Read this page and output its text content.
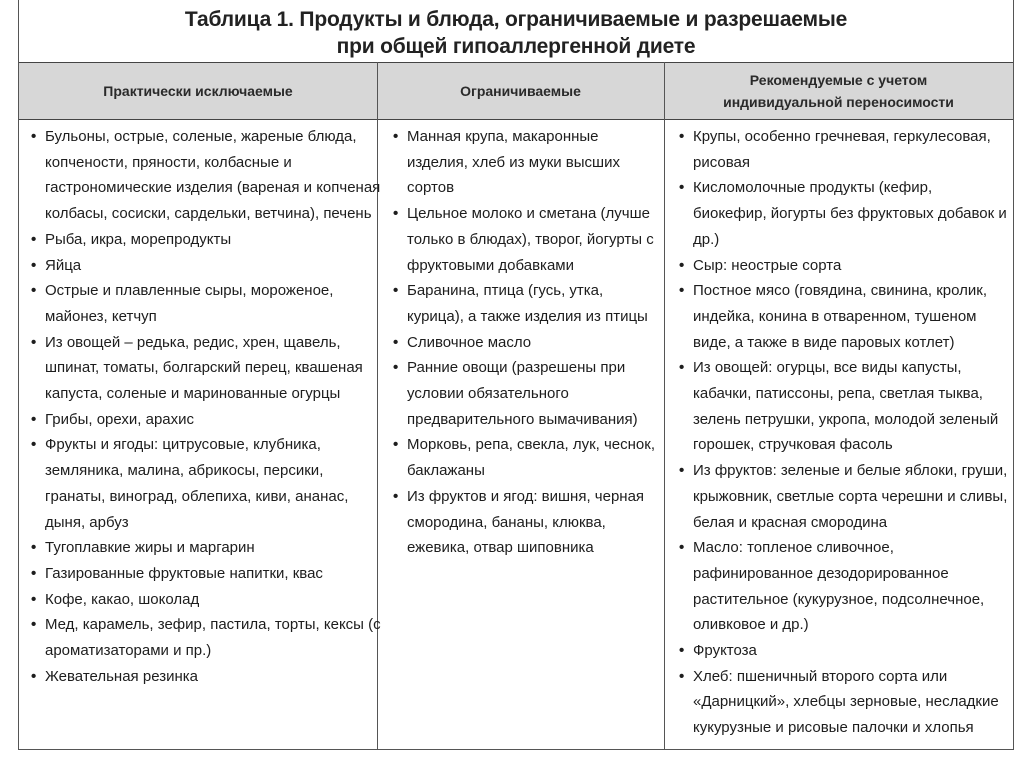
Таблица 1. Продукты и блюда, ограничиваемые и разрешаемые
при общей гипоаллергенной диете
Практически исключаемые	Ограничиваемые
Рекомендуемые с учетом
индивидуальной переносимости
• Бульоны, острые, соленые, жареные блюда, копчености, пряности, колбасные и гастрономические изделия (вареная и копченая колбасы, сосиски, сардельки, ветчина), печень
• Рыба, икра, морепродукты
• Яйца
• Острые и плавленные сыры, мороженое, майонез, кетчуп
• Из овощей – редька, редис, хрен, щавель, шпинат, томаты, болгарский перец, квашеная капуста, соленые и маринованные огурцы
• Грибы, орехи, арахис
• Фрукты и ягоды: цитрусовые, клубника, земляника, малина, абрикосы, персики, гранаты, виноград, облепиха, киви, ананас, дыня, арбуз
• Тугоплавкие жиры и маргарин
• Газированные фруктовые напитки, квас
• Кофе, какао, шоколад
• Мед, карамель, зефир, пастила, торты, кексы (с ароматизаторами и пр.)
• Жевательная резинка
• Манная крупа, макаронные изделия, хлеб из муки высших сортов
• Цельное молоко и сметана (лучше только в блюдах), творог, йогурты с фруктовыми добавками
• Баранина, птица (гусь, утка, курица), а также изделия из птицы
• Сливочное масло
• Ранние овощи (разрешены при условии обязательного предварительного вымачивания)
• Морковь, репа, свекла, лук, чеснок, баклажаны
• Из фруктов и ягод: вишня, черная смородина, бананы, клюква, ежевика, отвар шиповника
• Крупы, особенно гречневая, геркулесовая, рисовая
• Кисломолочные продукты (кефир, биокефир, йогурты без фруктовых добавок и др.)
• Сыр: неострые сорта
• Постное мясо (говядина, свинина, кролик, индейка, конина в отваренном, тушеном виде, а также в виде паровых котлет)
• Из овощей: огурцы, все виды капусты, кабачки, патиссоны, репа, светлая тыква, зелень петрушки, укропа, молодой зеленый горошек, стручковая фасоль
• Из фруктов: зеленые и белые яблоки, груши, крыжовник, светлые сорта черешни и сливы, белая и красная смородина
• Масло: топленое сливочное, рафинированное дезодорированное растительное (кукурузное, подсолнечное, оливковое и др.)
• Фруктоза
• Хлеб: пшеничный второго сорта или «Дарницкий», хлебцы зерновые, несладкие кукурузные и рисовые палочки и хлопья
